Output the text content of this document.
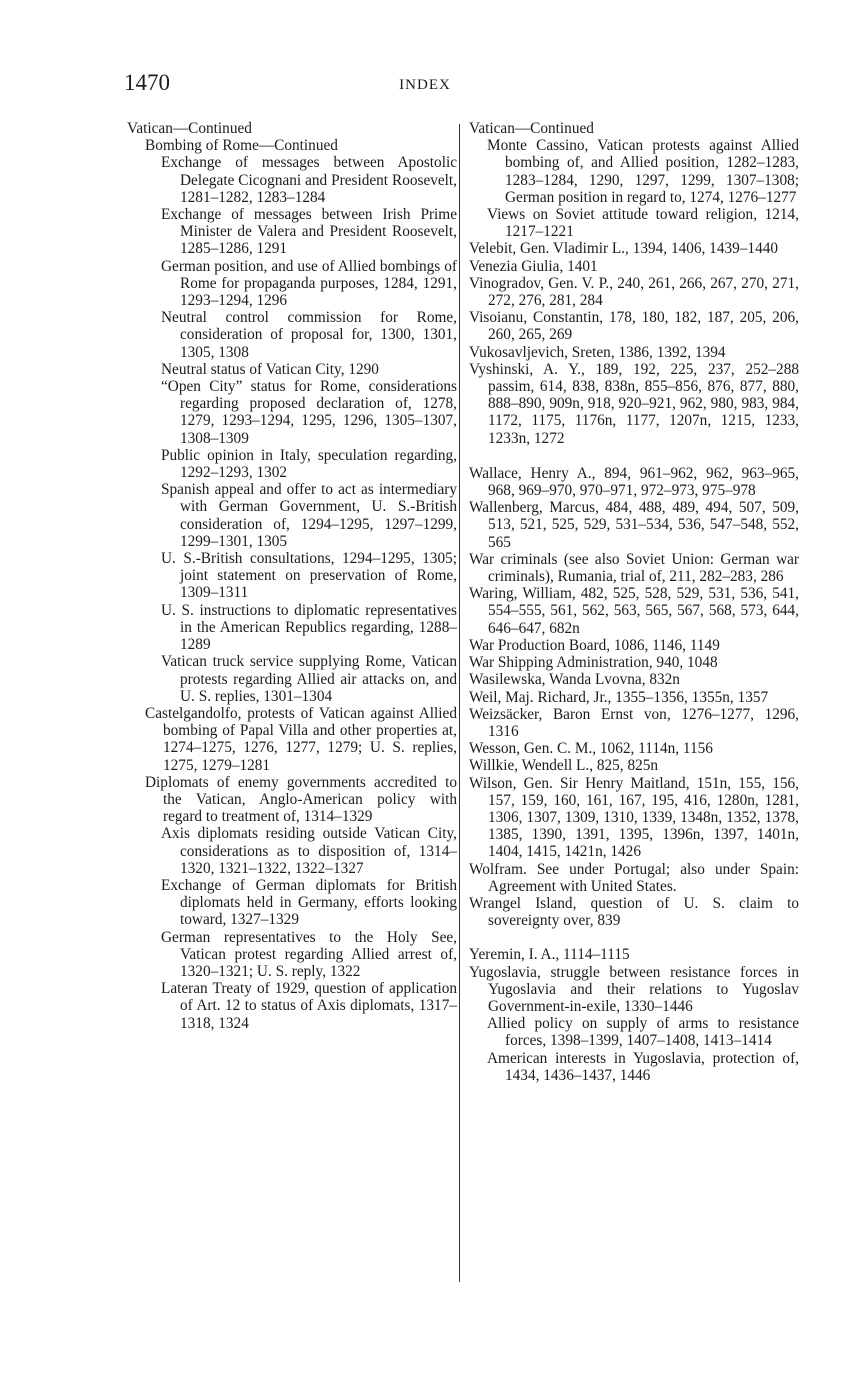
1470	INDEX

Vatican—Continued

Bombing of Rome—Continued

Exchange of messages between Apostolic Delegate Cicognani and President Roosevelt, 1281–1282, 1283–1284

Exchange of messages between Irish Prime Minister de Valera and President Roosevelt, 1285–1286, 1291

German position, and use of Allied bombings of Rome for propaganda purposes, 1284, 1291, 1293–1294, 1296

Neutral control commission for Rome, consideration of proposal for, 1300, 1301, 1305, 1308

Neutral status of Vatican City, 1290

“Open City” status for Rome, considerations regarding proposed declaration of, 1278, 1279, 1293–1294, 1295, 1296, 1305–1307, 1308–1309

Public opinion in Italy, speculation regarding, 1292–1293, 1302

Spanish appeal and offer to act as intermediary with German Government, U. S.-British consideration of, 1294–1295, 1297–1299, 1299–1301, 1305

U. S.-British consultations, 1294–1295, 1305; joint statement on preservation of Rome, 1309–1311

U. S. instructions to diplomatic representatives in the American Republics regarding, 1288–1289

Vatican truck service supplying Rome, Vatican protests regarding Allied air attacks on, and U. S. replies, 1301–1304

Castelgandolfo, protests of Vatican against Allied bombing of Papal Villa and other properties at, 1274–1275, 1276, 1277, 1279; U. S. replies, 1275, 1279–1281

Diplomats of enemy governments accredited to the Vatican, Anglo-American policy with regard to treatment of, 1314–1329

Axis diplomats residing outside Vatican City, considerations as to disposition of, 1314–1320, 1321–1322, 1322–1327

Exchange of German diplomats for British diplomats held in Germany, efforts looking toward, 1327–1329

German representatives to the Holy See, Vatican protest regarding Allied arrest of, 1320–1321; U. S. reply, 1322

Lateran Treaty of 1929, question of application of Art. 12 to status of Axis diplomats, 1317–1318, 1324

Vatican—Continued

Monte Cassino, Vatican protests against Allied bombing of, and Allied position, 1282–1283, 1283–1284, 1290, 1297, 1299, 1307–1308; German position in regard to, 1274, 1276–1277

Views on Soviet attitude toward religion, 1214, 1217–1221

Velebit, Gen. Vladimir L., 1394, 1406, 1439–1440

Venezia Giulia, 1401

Vinogradov, Gen. V. P., 240, 261, 266, 267, 270, 271, 272, 276, 281, 284

Visoianu, Constantin, 178, 180, 182, 187, 205, 206, 260, 265, 269

Vukosavljevich, Sreten, 1386, 1392, 1394

Vyshinski, A. Y., 189, 192, 225, 237, 252–288 passim, 614, 838, 838n, 855–856, 876, 877, 880, 888–890, 909n, 918, 920–921, 962, 980, 983, 984, 1172, 1175, 1176n, 1177, 1207n, 1215, 1233, 1233n, 1272

Wallace, Henry A., 894, 961–962, 962, 963–965, 968, 969–970, 970–971, 972–973, 975–978

Wallenberg, Marcus, 484, 488, 489, 494, 507, 509, 513, 521, 525, 529, 531–534, 536, 547–548, 552, 565

War criminals (see also Soviet Union: German war criminals), Rumania, trial of, 211, 282–283, 286

Waring, William, 482, 525, 528, 529, 531, 536, 541, 554–555, 561, 562, 563, 565, 567, 568, 573, 644, 646–647, 682n

War Production Board, 1086, 1146, 1149

War Shipping Administration, 940, 1048

Wasilewska, Wanda Lvovna, 832n

Weil, Maj. Richard, Jr., 1355–1356, 1355n, 1357

Weizsäcker, Baron Ernst von, 1276–1277, 1296, 1316

Wesson, Gen. C. M., 1062, 1114n, 1156

Willkie, Wendell L., 825, 825n

Wilson, Gen. Sir Henry Maitland, 151n, 155, 156, 157, 159, 160, 161, 167, 195, 416, 1280n, 1281, 1306, 1307, 1309, 1310, 1339, 1348n, 1352, 1378, 1385, 1390, 1391, 1395, 1396n, 1397, 1401n, 1404, 1415, 1421n, 1426

Wolfram. See under Portugal; also under Spain: Agreement with United States.

Wrangel Island, question of U. S. claim to sovereignty over, 839

Yeremin, I. A., 1114–1115

Yugoslavia, struggle between resistance forces in Yugoslavia and their relations to Yugoslav Government-in-exile, 1330–1446

Allied policy on supply of arms to resistance forces, 1398–1399, 1407–1408, 1413–1414

American interests in Yugoslavia, protection of, 1434, 1436–1437, 1446
